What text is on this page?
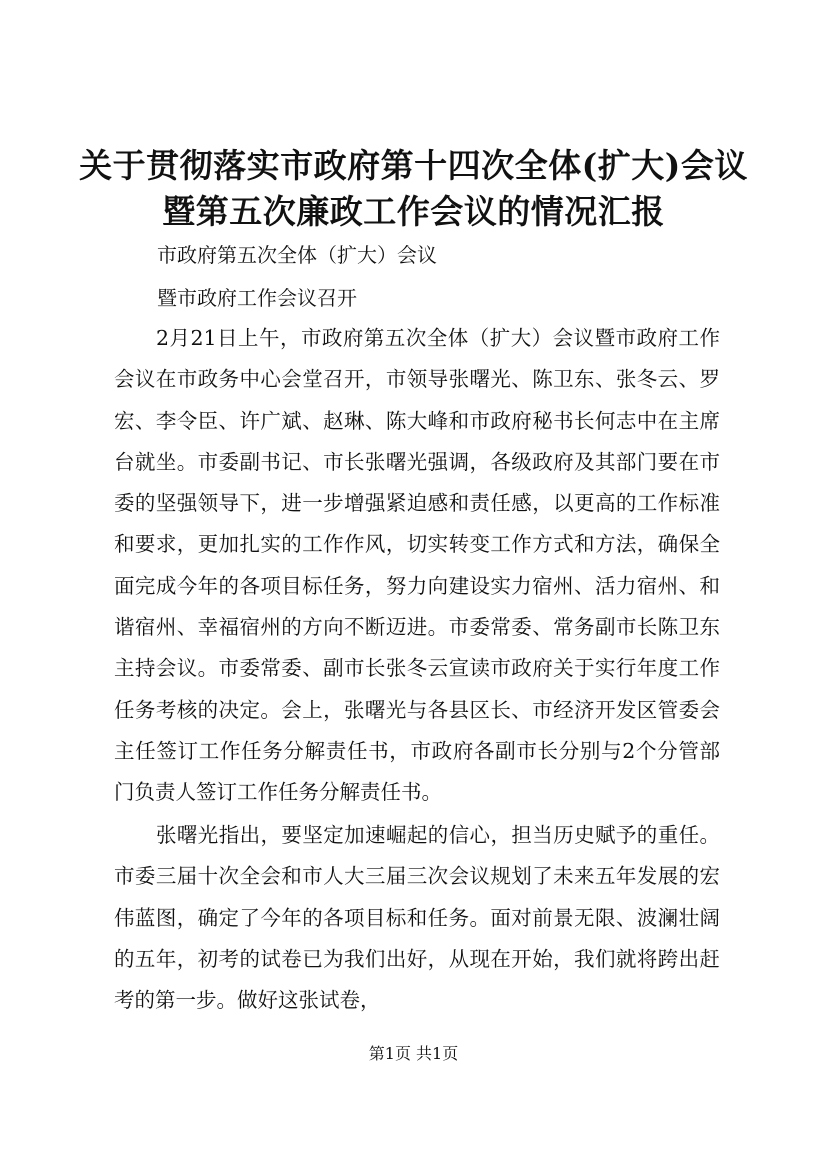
关于贯彻落实市政府第十四次全体(扩大)会议
暨第五次廉政工作会议的情况汇报
市政府第五次全体（扩大）会议
暨市政府工作会议召开

2月21日上午，市政府第五次全体（扩大）会议暨市政府工作会议在市政务中心会堂召开，市领导张曙光、陈卫东、张冬云、罗宏、李令臣、许广斌、赵琳、陈大峰和市政府秘书长何志中在主席台就坐。市委副书记、市长张曙光强调，各级政府及其部门要在市委的坚强领导下，进一步增强紧迫感和责任感，以更高的工作标准和要求，更加扎实的工作作风，切实转变工作方式和方法，确保全面完成今年的各项目标任务，努力向建设实力宿州、活力宿州、和谐宿州、幸福宿州的方向不断迈进。市委常委、常务副市长陈卫东主持会议。市委常委、副市长张冬云宣读市政府关于实行年度工作任务考核的决定。会上，张曙光与各县区长、市经济开发区管委会主任签订工作任务分解责任书，市政府各副市长分别与2个分管部门负责人签订工作任务分解责任书。

张曙光指出，要坚定加速崛起的信心，担当历史赋予的重任。市委三届十次全会和市人大三届三次会议规划了未来五年发展的宏伟蓝图，确定了今年的各项目标和任务。面对前景无限、波澜壮阔的五年，初考的试卷已为我们出好，从现在开始，我们就将跨出赶考的第一步。做好这张试卷，

第1页 共1页
